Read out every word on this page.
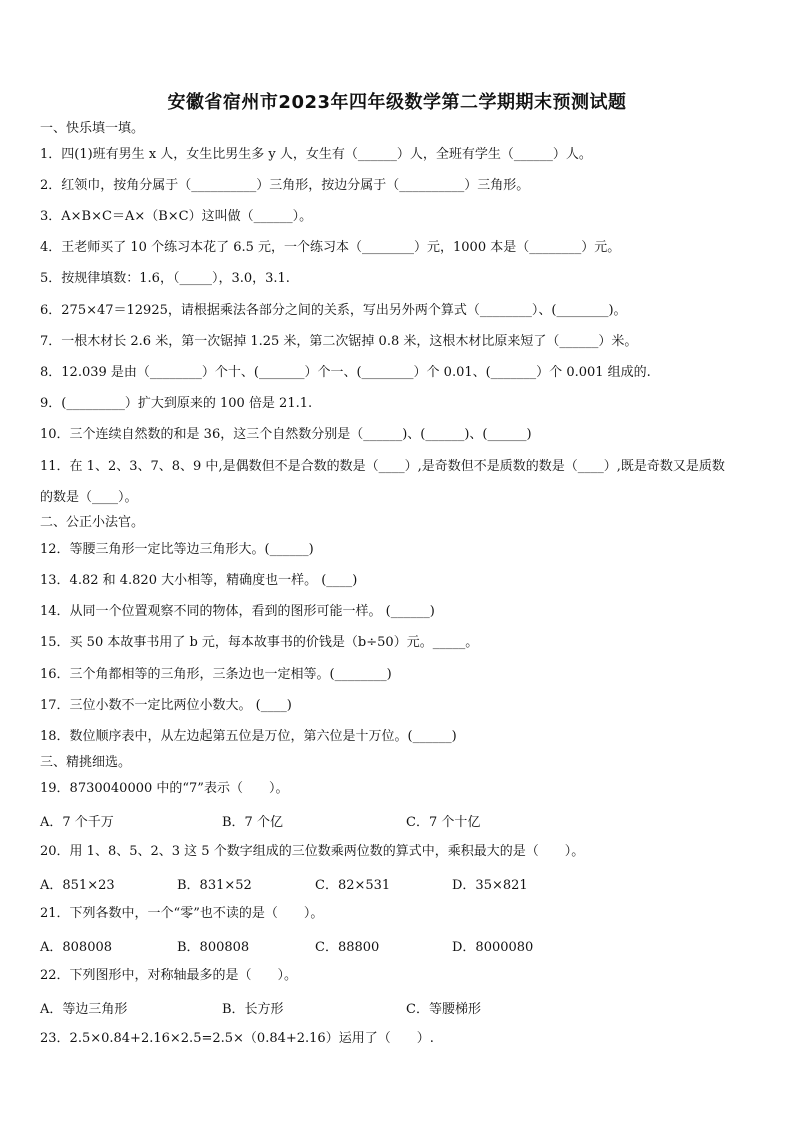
安徽省宿州市2023年四年级数学第二学期期末预测试题
一、快乐填一填。
1．四(1)班有男生 x 人，女生比男生多 y 人，女生有（______）人，全班有学生（______）人。
2．红领巾，按角分属于（__________）三角形，按边分属于（__________）三角形。
3．A×B×C＝A×（B×C）这叫做（______）。
4．王老师买了 10 个练习本花了 6.5 元，一个练习本（________）元，1000 本是（________）元。
5．按规律填数：1.6，（_____），3.0，3.1.
6．275×47＝12925，请根据乘法各部分之间的关系，写出另外两个算式（________）、(________)。
7．一根木材长 2.6 米，第一次锯掉 1.25 米，第二次锯掉 0.8 米，这根木材比原来短了（______）米。
8．12.039 是由（________）个十、(_______）个一、(________）个 0.01、(_______）个 0.001 组成的.
9．(_________）扩大到原来的 100 倍是 21.1.
10．三个连续自然数的和是 36，这三个自然数分别是（______)、(______)、(______)
11．在 1、2、3、7、8、9 中,是偶数但不是合数的数是（____）,是奇数但不是质数的数是（____）,既是奇数又是质数
的数是（____）。
二、公正小法官。
12．等腰三角形一定比等边三角形大。(______)
13．4.82 和 4.820 大小相等，精确度也一样。 (____)
14．从同一个位置观察不同的物体，看到的图形可能一样。 (______)
15．买 50 本故事书用了 b 元，每本故事书的价钱是（b÷50）元。_____。
16．三个角都相等的三角形，三条边也一定相等。(________)
17．三位小数不一定比两位小数大。 (____)
18．数位顺序表中，从左边起第五位是万位，第六位是十万位。(______)
三、精挑细选。
19．8730040000 中的“7”表示（　　）。
A．7 个千万	B．7 个亿	C．7 个十亿
20．用 1、8、5、2、3 这 5 个数字组成的三位数乘两位数的算式中，乘积最大的是（　　）。
A．851×23	B．831×52	C．82×531	D．35×821
21．下列各数中，一个“零”也不读的是（　　）。
A．808008	B．800808	C．88800	D．8000080
22．下列图形中，对称轴最多的是（　　）。
A．等边三角形	B．长方形	C．等腰梯形
23．2.5×0.84+2.16×2.5=2.5×（0.84+2.16）运用了（　　）.
